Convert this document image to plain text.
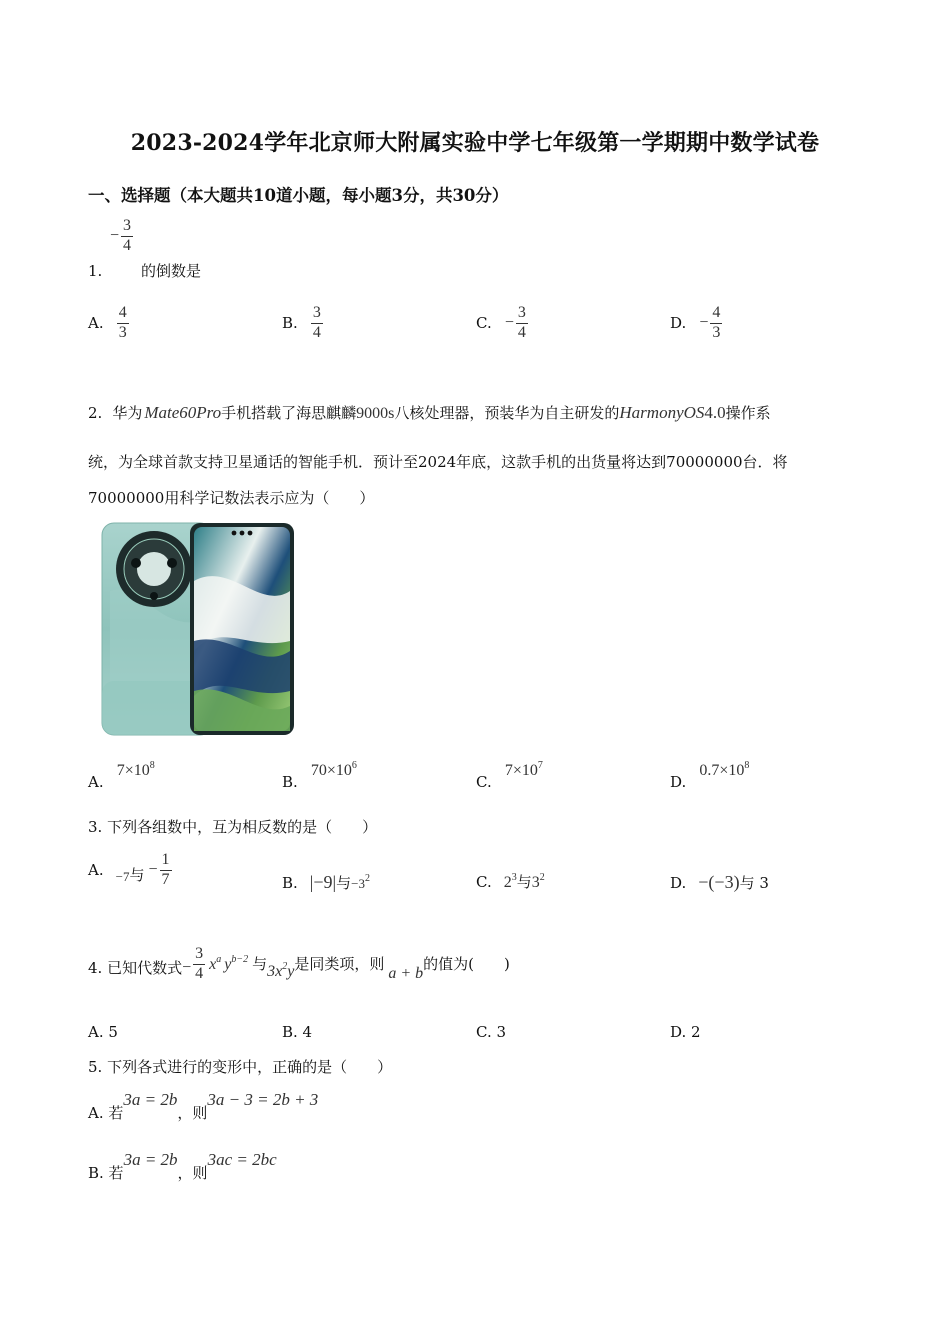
2023-2024学年北京师大附属实验中学七年级第一学期期中数学试卷
一、选择题（本大题共10道小题，每小题3分，共30分）
− $\frac{3}{4}$
1.	的倒数是
A. $\frac{4}{3}$	B. $\frac{3}{4}$	C. − $\frac{3}{4}$	D. − $\frac{4}{3}$
2. 华为 Mate60Pro 手机搭载了海思麒麟 9000s 八核处理器，预装华为自主研发的 HarmonyOS 4.0 操作系
统，为全球首款支持卫星通话的智能手机．预计至2024年底，这款手机的出货量将达到70000000台．将
70000000用科学记数法表示应为（　　）
A. $7\times 10^8$
B. $70\times 10^6$
C. $7\times 10^7$
D. $0.7\times 10^8$
3. 下列各组数中，互为相反数的是（　　）
A. −7 与 − $\frac{1}{7}$	B. |−9| 与 $-3^2$	C. $2^3$ 与 $3^2$	D. −(−3) 与 3
4. 已知代数式 − $\frac{3}{4} x^a$ $y^{b-2}$ 与 $3x^2y$ 是同类项，则
a + b
的值为(　　)
A. 5	B. 4	C. 3	D. 2
5. 下列各式进行的变形中，正确的是（　　）
A. 若
3a = 2b
，则
3a − 3 = 2b + 3
B. 若
3a = 2b
，则
3ac = 2bc
